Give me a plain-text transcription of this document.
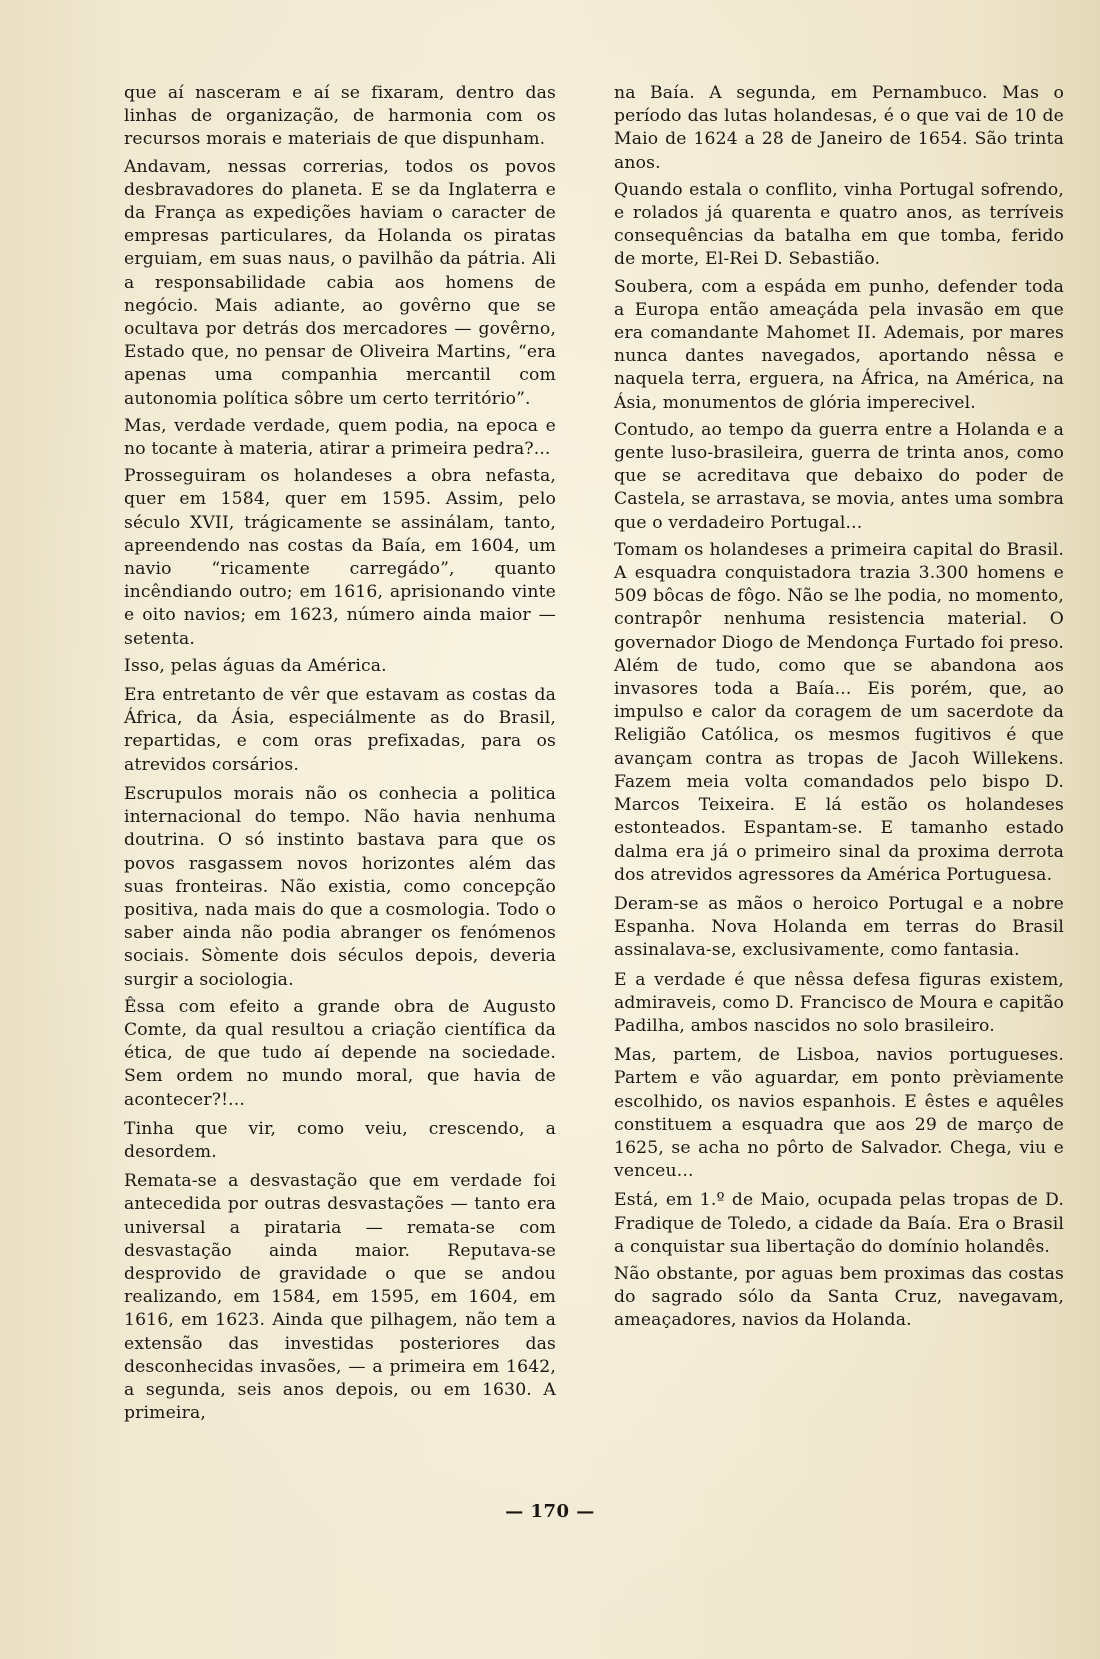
que aí nasceram e aí se fixaram, dentro das linhas de organização, de harmonia com os recursos morais e materiais de que dispunham.

Andavam, nessas correrias, todos os povos desbravadores do planeta. E se da Inglaterra e da França as expedições haviam o caracter de empresas particulares, da Holanda os piratas erguiam, em suas naus, o pavilhão da pátria. Ali a responsabilidade cabia aos homens de negócio. Mais adiante, ao govêrno que se ocultava por detrás dos mercadores — govêrno, Estado que, no pensar de Oliveira Martins, “era apenas uma companhia mercantil com autonomia política sôbre um certo território”.

Mas, verdade verdade, quem podia, na epoca e no tocante à materia, atirar a primeira pedra?...

Prosseguiram os holandeses a obra nefasta, quer em 1584, quer em 1595. Assim, pelo século XVII, trágicamente se assinálam, tanto, apreendendo nas costas da Baía, em 1604, um navio “ricamente carregádo”, quanto incêndiando outro; em 1616, aprisionando vinte e oito navios; em 1623, número ainda maior — setenta.

Isso, pelas águas da América.

Era entretanto de vêr que estavam as costas da África, da Ásia, especiálmente as do Brasil, repartidas, e com oras prefixadas, para os atrevidos corsários.

Escrupulos morais não os conhecia a politica internacional do tempo. Não havia nenhuma doutrina. O só instinto bastava para que os povos rasgassem novos horizontes além das suas fronteiras. Não existia, como concepção positiva, nada mais do que a cosmologia. Todo o saber ainda não podia abranger os fenómenos sociais. Sòmente dois séculos depois, deveria surgir a sociologia.

Êssa com efeito a grande obra de Augusto Comte, da qual resultou a criação científica da ética, de que tudo aí depende na sociedade. Sem ordem no mundo moral, que havia de acontecer?!...

Tinha que vir, como veiu, crescendo, a desordem.

Remata-se a desvastação que em verdade foi antecedida por outras desvastações — tanto era universal a pirataria — remata-se com desvastação ainda maior. Reputava-se desprovido de gravidade o que se andou realizando, em 1584, em 1595, em 1604, em 1616, em 1623. Ainda que pilhagem, não tem a extensão das investidas posteriores das desconhecidas invasões, — a primeira em 1642, a segunda, seis anos depois, ou em 1630. A primeira,

na Baía. A segunda, em Pernambuco. Mas o período das lutas holandesas, é o que vai de 10 de Maio de 1624 a 28 de Janeiro de 1654. São trinta anos.

Quando estala o conflito, vinha Portugal sofrendo, e rolados já quarenta e quatro anos, as terríveis consequências da batalha em que tomba, ferido de morte, El-Rei D. Sebastião.

Soubera, com a espáda em punho, defender toda a Europa então ameaçáda pela invasão em que era comandante Mahomet II. Ademais, por mares nunca dantes navegados, aportando nêssa e naquela terra, erguera, na África, na América, na Ásia, monumentos de glória imperecivel.

Contudo, ao tempo da guerra entre a Holanda e a gente luso-brasileira, guerra de trinta anos, como que se acreditava que debaixo do poder de Castela, se arrastava, se movia, antes uma sombra que o verdadeiro Portugal...

Tomam os holandeses a primeira capital do Brasil. A esquadra conquistadora trazia 3.300 homens e 509 bôcas de fôgo. Não se lhe podia, no momento, contrapôr nenhuma resistencia material. O governador Diogo de Mendonça Furtado foi preso. Além de tudo, como que se abandona aos invasores toda a Baía... Eis porém, que, ao impulso e calor da coragem de um sacerdote da Religião Católica, os mesmos fugitivos é que avançam contra as tropas de Jacoh Willekens. Fazem meia volta comandados pelo bispo D. Marcos Teixeira. E lá estão os holandeses estonteados. Espantam-se. E tamanho estado dalma era já o primeiro sinal da proxima derrota dos atrevidos agressores da América Portuguesa.

Deram-se as mãos o heroico Portugal e a nobre Espanha. Nova Holanda em terras do Brasil assinalava-se, exclusivamente, como fantasia.

E a verdade é que nêssa defesa figuras existem, admiraveis, como D. Francisco de Moura e capitão Padilha, ambos nascidos no solo brasileiro.

Mas, partem, de Lisboa, navios portugueses. Partem e vão aguardar, em ponto prèviamente escolhido, os navios espanhois. E êstes e aquêles constituem a esquadra que aos 29 de março de 1625, se acha no pôrto de Salvador. Chega, viu e venceu...

Está, em 1.º de Maio, ocupada pelas tropas de D. Fradique de Toledo, a cidade da Baía. Era o Brasil a conquistar sua libertação do domínio holandês.

Não obstante, por aguas bem proximas das costas do sagrado sólo da Santa Cruz, navegavam, ameaçadores, navios da Holanda.

— 170 —
